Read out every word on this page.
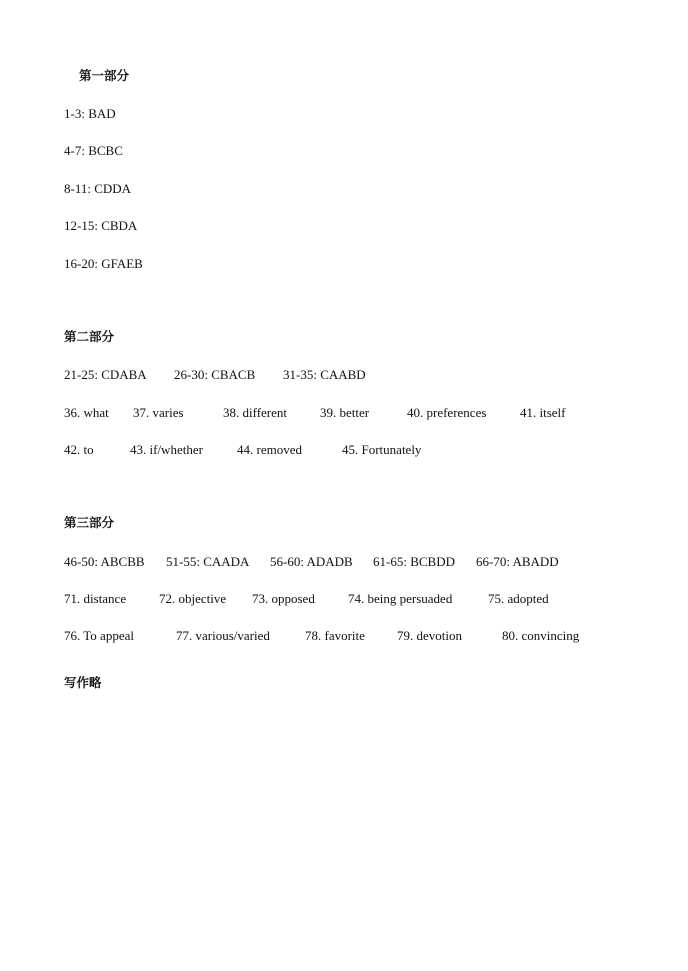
第一部分
1-3: BAD
4-7: BCBC
8-11: CDDA
12-15: CBDA
16-20: GFAEB
第二部分
21-25: CDABA 26-30: CBACB 31-35: CAABD
36. what 37. varies	38. different	39. better	40. preferences	41. itself
42. to	43. if/whether	44. removed	45. Fortunately
第三部分
46-50: ABCBB 51-55: CAADA 56-60: ADADB 61-65: BCBDD 66-70: ABADD
71. distance	72. objective 73. opposed	74. being persuaded	75. adopted
76. To appeal	77. various/varied	78. favorite 79. devotion	80. convincing
写作略
